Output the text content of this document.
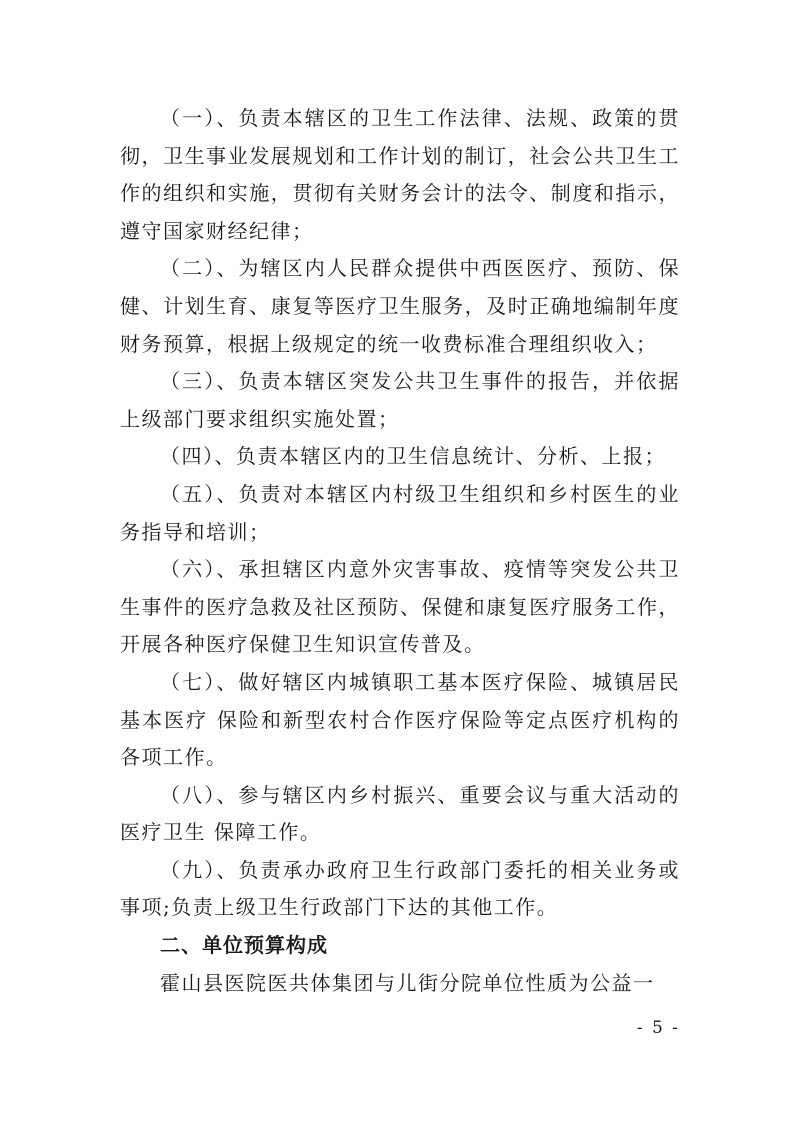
（一）、负责本辖区的卫生工作法律、法规、政策的贯彻，卫生事业发展规划和工作计划的制订，社会公共卫生工作的组织和实施，贯彻有关财务会计的法令、制度和指示，遵守国家财经纪律；

（二）、为辖区内人民群众提供中西医医疗、预防、保健、计划生育、康复等医疗卫生服务，及时正确地编制年度财务预算，根据上级规定的统一收费标准合理组织收入；

（三）、负责本辖区突发公共卫生事件的报告，并依据上级部门要求组织实施处置；

（四）、负责本辖区内的卫生信息统计、分析、上报；

（五）、负责对本辖区内村级卫生组织和乡村医生的业务指导和培训；

（六）、承担辖区内意外灾害事故、疫情等突发公共卫生事件的医疗急救及社区预防、保健和康复医疗服务工作，开展各种医疗保健卫生知识宣传普及。

（七）、做好辖区内城镇职工基本医疗保险、城镇居民基本医疗 保险和新型农村合作医疗保险等定点医疗机构的各项工作。

（八）、参与辖区内乡村振兴、重要会议与重大活动的医疗卫生 保障工作。

（九）、负责承办政府卫生行政部门委托的相关业务或事项;负责上级卫生行政部门下达的其他工作。

二、单位预算构成

霍山县医院医共体集团与儿街分院单位性质为公益一

- 5 -
